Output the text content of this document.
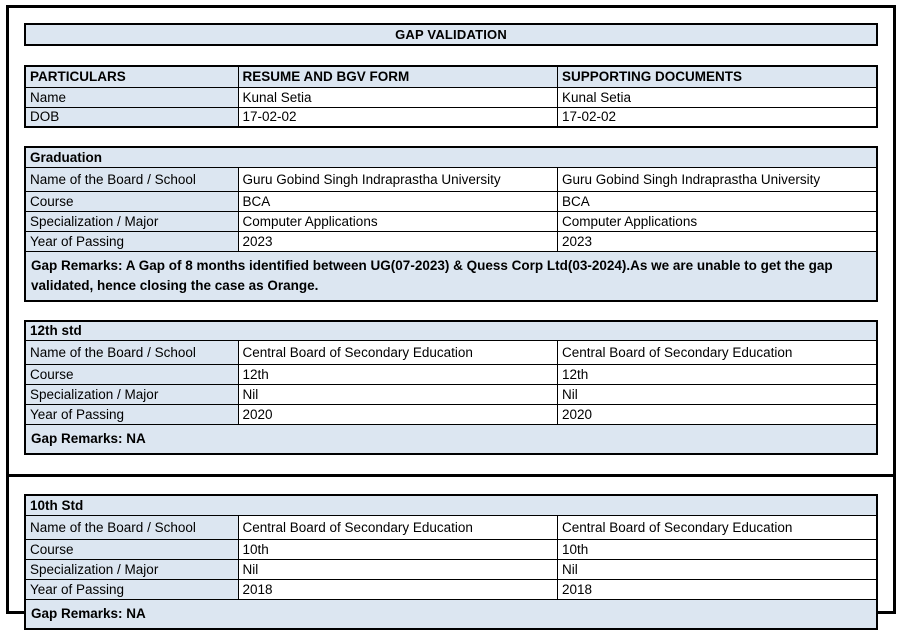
GAP VALIDATION
PARTICULARS	RESUME AND BGV FORM	SUPPORTING DOCUMENTS
Name	Kunal Setia	Kunal Setia
DOB	17-02-02	17-02-02
Graduation		
Name of the Board / School	Guru Gobind Singh Indraprastha University	Guru Gobind Singh Indraprastha University
Course	BCA	BCA
Specialization / Major	Computer Applications	Computer Applications
Year of Passing	2023	2023
Gap Remarks: A Gap of 8 months identified between UG(07-2023) & Quess Corp Ltd(03-2024).As we are unable to get the gap validated, hence closing the case as Orange.		
12th std		
Name of the Board / School	Central Board of Secondary Education	Central Board of Secondary Education
Course	12th	12th
Specialization / Major	Nil	Nil
Year of Passing	2020	2020
Gap Remarks: NA		
10th Std		
Name of the Board / School	Central Board of Secondary Education	Central Board of Secondary Education
Course	10th	10th
Specialization / Major	Nil	Nil
Year of Passing	2018	2018
Gap Remarks: NA		
